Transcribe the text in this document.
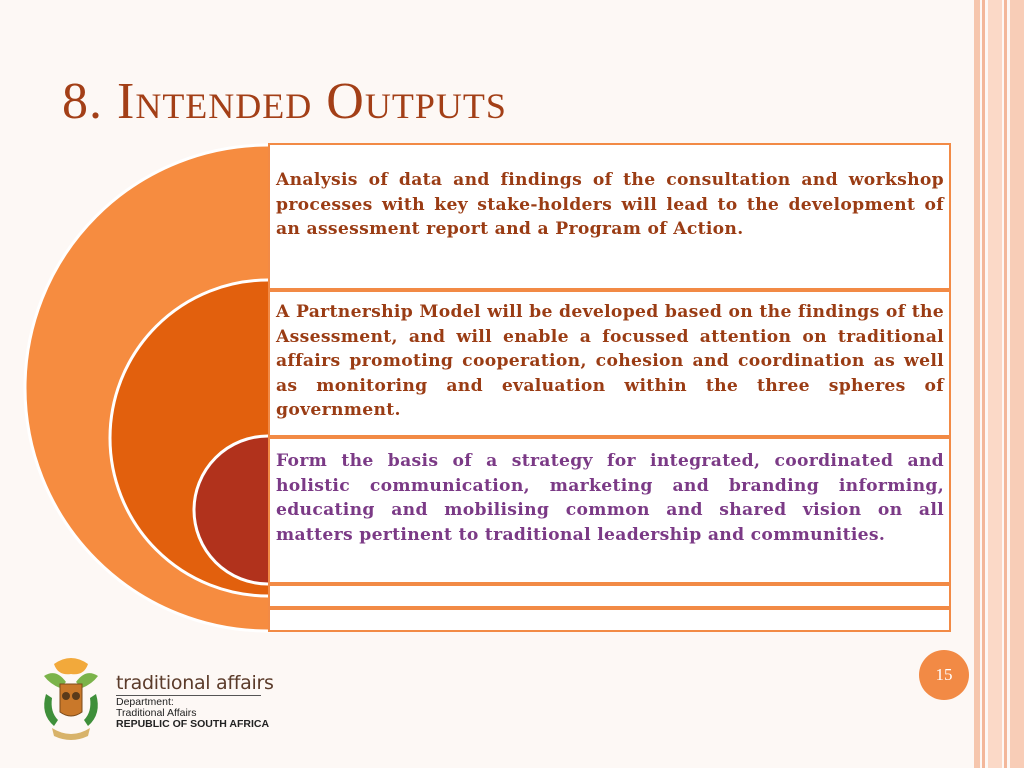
8. Intended Outputs
Analysis of data and findings of the consultation and workshop processes with key stake-holders will lead to the development of an assessment report and a Program of Action.
A Partnership Model will be developed based on the findings of the Assessment, and will enable a focussed attention on traditional affairs promoting cooperation, cohesion and coordination as well as monitoring and evaluation within the three spheres of government.
Form the basis of a strategy for integrated, coordinated and holistic communication, marketing and branding informing, educating and mobilising common and shared vision on all matters pertinent to traditional leadership and communities.
traditional affairs
Department:
Traditional Affairs
REPUBLIC OF SOUTH AFRICA
15
